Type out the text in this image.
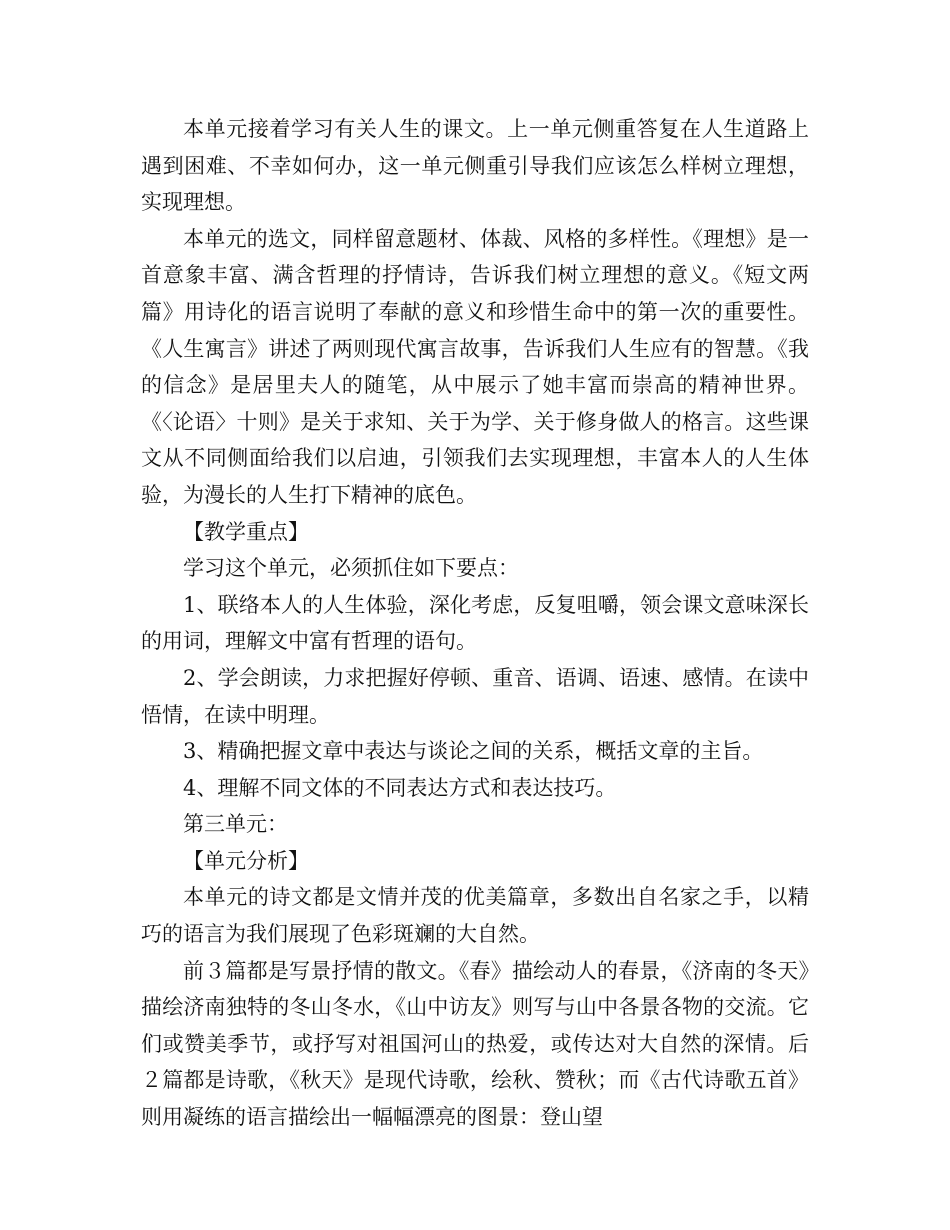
本单元接着学习有关人生的课文。上一单元侧重答复在人生道路上遇到困难、不幸如何办，这一单元侧重引导我们应该怎么样树立理想，实现理想。

本单元的选文，同样留意题材、体裁、风格的多样性。《理想》是一首意象丰富、满含哲理的抒情诗，告诉我们树立理想的意义。《短文两篇》用诗化的语言说明了奉献的意义和珍惜生命中的第一次的重要性。《人生寓言》讲述了两则现代寓言故事，告诉我们人生应有的智慧。《我的信念》是居里夫人的随笔，从中展示了她丰富而崇高的精神世界。《〈论语〉十则》是关于求知、关于为学、关于修身做人的格言。这些课文从不同侧面给我们以启迪，引领我们去实现理想，丰富本人的人生体验，为漫长的人生打下精神的底色。

【教学重点】

学习这个单元，必须抓住如下要点：

1、联络本人的人生体验，深化考虑，反复咀嚼，领会课文意味深长的用词，理解文中富有哲理的语句。

2、学会朗读，力求把握好停顿、重音、语调、语速、感情。在读中悟情，在读中明理。

3、精确把握文章中表达与谈论之间的关系，概括文章的主旨。

4、理解不同文体的不同表达方式和表达技巧。

第三单元：

【单元分析】

本单元的诗文都是文情并茂的优美篇章，多数出自名家之手，以精巧的语言为我们展现了色彩斑斓的大自然。

前３篇都是写景抒情的散文。《春》描绘动人的春景，《济南的冬天》描绘济南独特的冬山冬水，《山中访友》则写与山中各景各物的交流。它们或赞美季节，或抒写对祖国河山的热爱，或传达对大自然的深情。后２篇都是诗歌，《秋天》是现代诗歌，绘秋、赞秋；而《古代诗歌五首》则用凝练的语言描绘出一幅幅漂亮的图景：登山望
